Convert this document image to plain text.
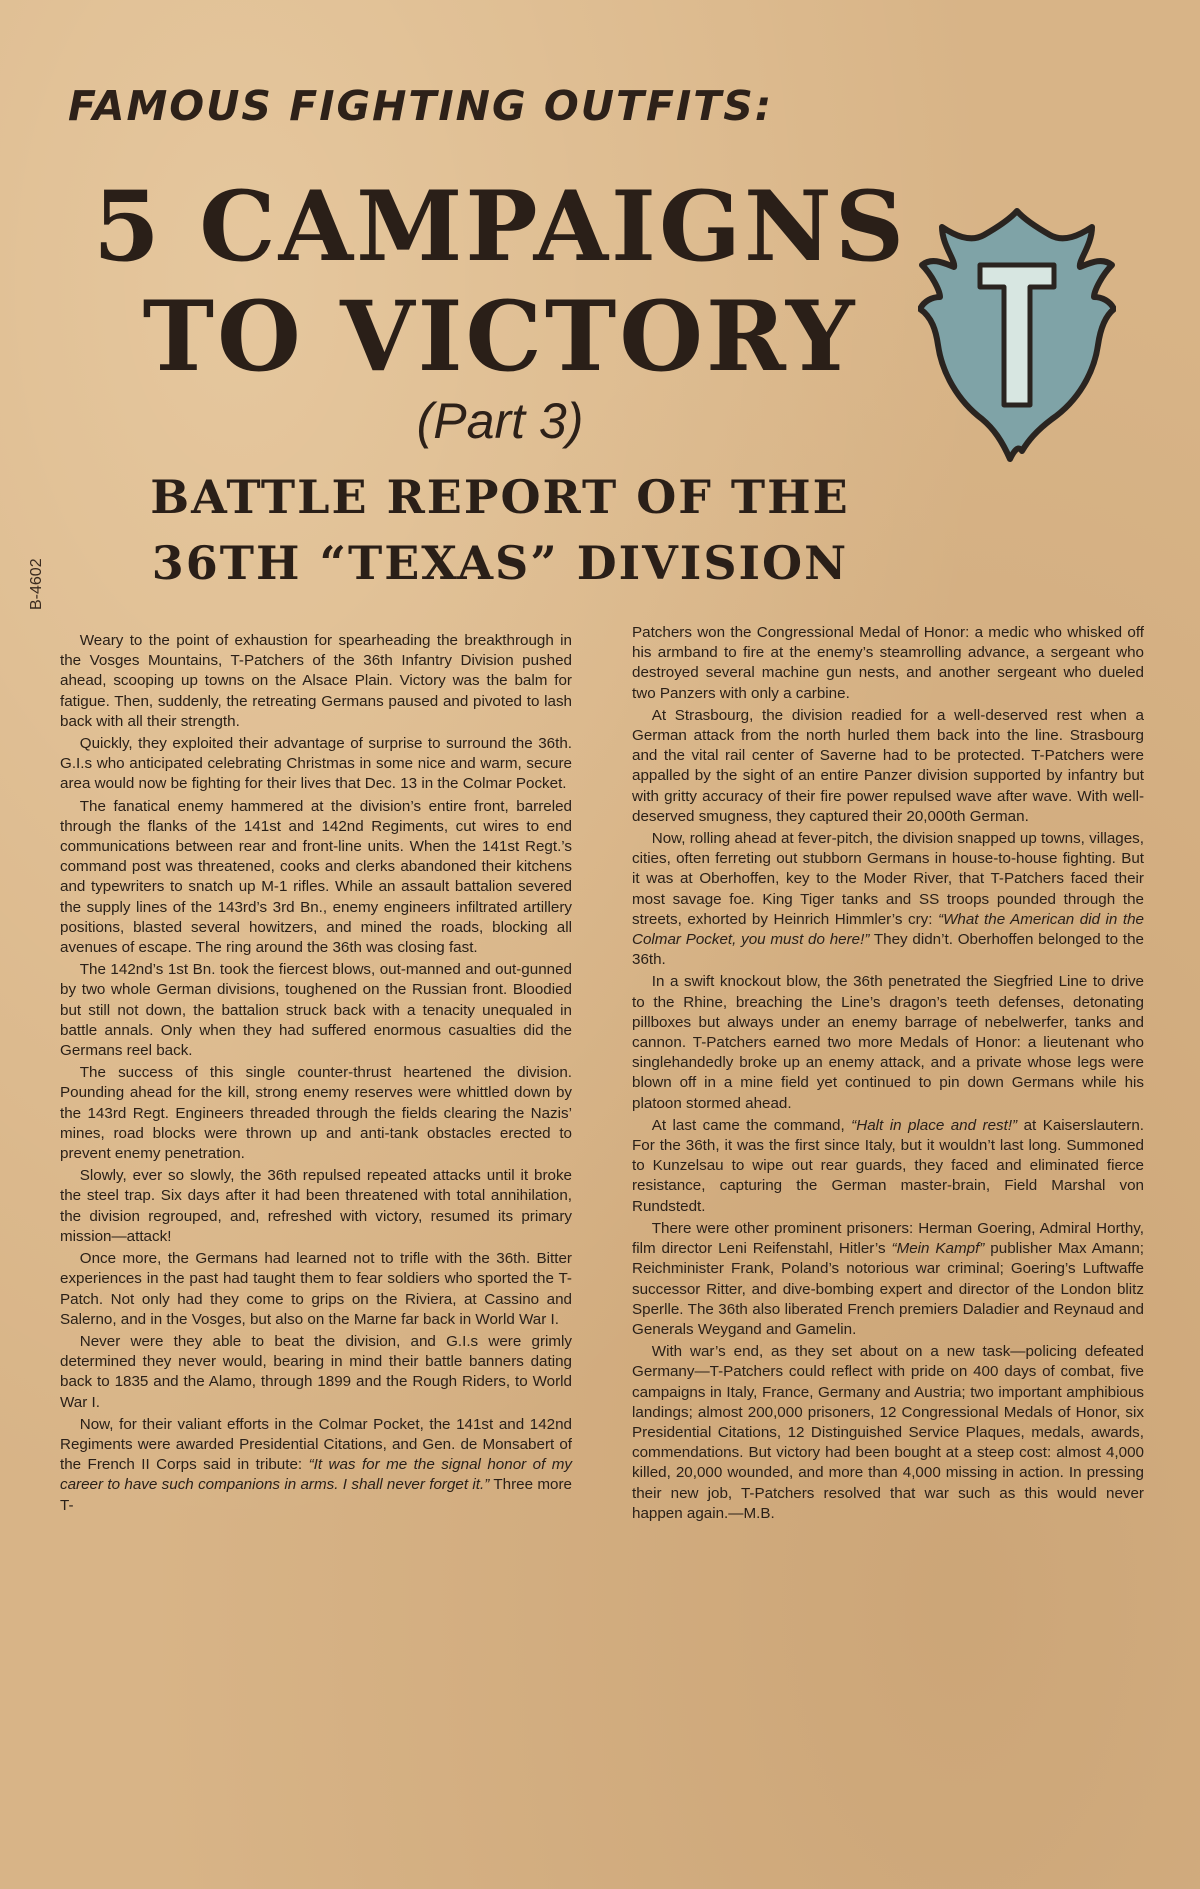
FAMOUS FIGHTING OUTFITS:
5 CAMPAIGNS
TO VICTORY
(Part 3)
BATTLE REPORT OF THE
36TH “TEXAS” DIVISION
B-4602

Weary to the point of exhaustion for spearheading the breakthrough in the Vosges Mountains, T-Patchers of the 36th Infantry Division pushed ahead, scooping up towns on the Alsace Plain. Victory was the balm for fatigue. Then, suddenly, the retreating Germans paused and pivoted to lash back with all their strength.

Quickly, they exploited their advantage of surprise to surround the 36th. G.I.s who anticipated celebrating Christmas in some nice and warm, secure area would now be fighting for their lives that Dec. 13 in the Colmar Pocket.

The fanatical enemy hammered at the division’s entire front, barreled through the flanks of the 141st and 142nd Regiments, cut wires to end communications between rear and front-line units. When the 141st Regt.’s command post was threatened, cooks and clerks abandoned their kitchens and typewriters to snatch up M-1 rifles. While an assault battalion severed the supply lines of the 143rd’s 3rd Bn., enemy engineers infiltrated artillery positions, blasted several howitzers, and mined the roads, blocking all avenues of escape. The ring around the 36th was closing fast.

The 142nd’s 1st Bn. took the fiercest blows, out-manned and out-gunned by two whole German divisions, toughened on the Russian front. Bloodied but still not down, the battalion struck back with a tenacity unequaled in battle annals. Only when they had suffered enormous casualties did the Germans reel back.

The success of this single counter-thrust heartened the division. Pounding ahead for the kill, strong enemy reserves were whittled down by the 143rd Regt. Engineers threaded through the fields clearing the Nazis’ mines, road blocks were thrown up and anti-tank obstacles erected to prevent enemy penetration.

Slowly, ever so slowly, the 36th repulsed repeated attacks until it broke the steel trap. Six days after it had been threatened with total annihilation, the division regrouped, and, refreshed with victory, resumed its primary mission—attack!

Once more, the Germans had learned not to trifle with the 36th. Bitter experiences in the past had taught them to fear soldiers who sported the T-Patch. Not only had they come to grips on the Riviera, at Cassino and Salerno, and in the Vosges, but also on the Marne far back in World War I.

Never were they able to beat the division, and G.I.s were grimly determined they never would, bearing in mind their battle banners dating back to 1835 and the Alamo, through 1899 and the Rough Riders, to World War I.

Now, for their valiant efforts in the Colmar Pocket, the 141st and 142nd Regiments were awarded Presidential Citations, and Gen. de Monsabert of the French II Corps said in tribute: “It was for me the signal honor of my career to have such companions in arms. I shall never forget it.” Three more T-

Patchers won the Congressional Medal of Honor: a medic who whisked off his armband to fire at the enemy’s steamrolling advance, a sergeant who destroyed several machine gun nests, and another sergeant who dueled two Panzers with only a carbine.

At Strasbourg, the division readied for a well-deserved rest when a German attack from the north hurled them back into the line. Strasbourg and the vital rail center of Saverne had to be protected. T-Patchers were appalled by the sight of an entire Panzer division supported by infantry but with gritty accuracy of their fire power repulsed wave after wave. With well-deserved smugness, they captured their 20,000th German.

Now, rolling ahead at fever-pitch, the division snapped up towns, villages, cities, often ferreting out stubborn Germans in house-to-house fighting. But it was at Oberhoffen, key to the Moder River, that T-Patchers faced their most savage foe. King Tiger tanks and SS troops pounded through the streets, exhorted by Heinrich Himmler’s cry: “What the American did in the Colmar Pocket, you must do here!” They didn’t. Oberhoffen belonged to the 36th.

In a swift knockout blow, the 36th penetrated the Siegfried Line to drive to the Rhine, breaching the Line’s dragon’s teeth defenses, detonating pillboxes but always under an enemy barrage of nebelwerfer, tanks and cannon. T-Patchers earned two more Medals of Honor: a lieutenant who singlehandedly broke up an enemy attack, and a private whose legs were blown off in a mine field yet continued to pin down Germans while his platoon stormed ahead.

At last came the command, “Halt in place and rest!” at Kaiserslautern. For the 36th, it was the first since Italy, but it wouldn’t last long. Summoned to Kunzelsau to wipe out rear guards, they faced and eliminated fierce resistance, capturing the German master-brain, Field Marshal von Rundstedt.

There were other prominent prisoners: Herman Goering, Admiral Horthy, film director Leni Reifenstahl, Hitler’s “Mein Kampf” publisher Max Amann; Reichminister Frank, Poland’s notorious war criminal; Goering’s Luftwaffe successor Ritter, and dive-bombing expert and director of the London blitz Sperlle. The 36th also liberated French premiers Daladier and Reynaud and Generals Weygand and Gamelin.

With war’s end, as they set about on a new task—policing defeated Germany—T-Patchers could reflect with pride on 400 days of combat, five campaigns in Italy, France, Germany and Austria; two important amphibious landings; almost 200,000 prisoners, 12 Congressional Medals of Honor, six Presidential Citations, 12 Distinguished Service Plaques, medals, awards, commendations. But victory had been bought at a steep cost: almost 4,000 killed, 20,000 wounded, and more than 4,000 missing in action. In pressing their new job, T-Patchers resolved that war such as this would never happen again.—M.B.
